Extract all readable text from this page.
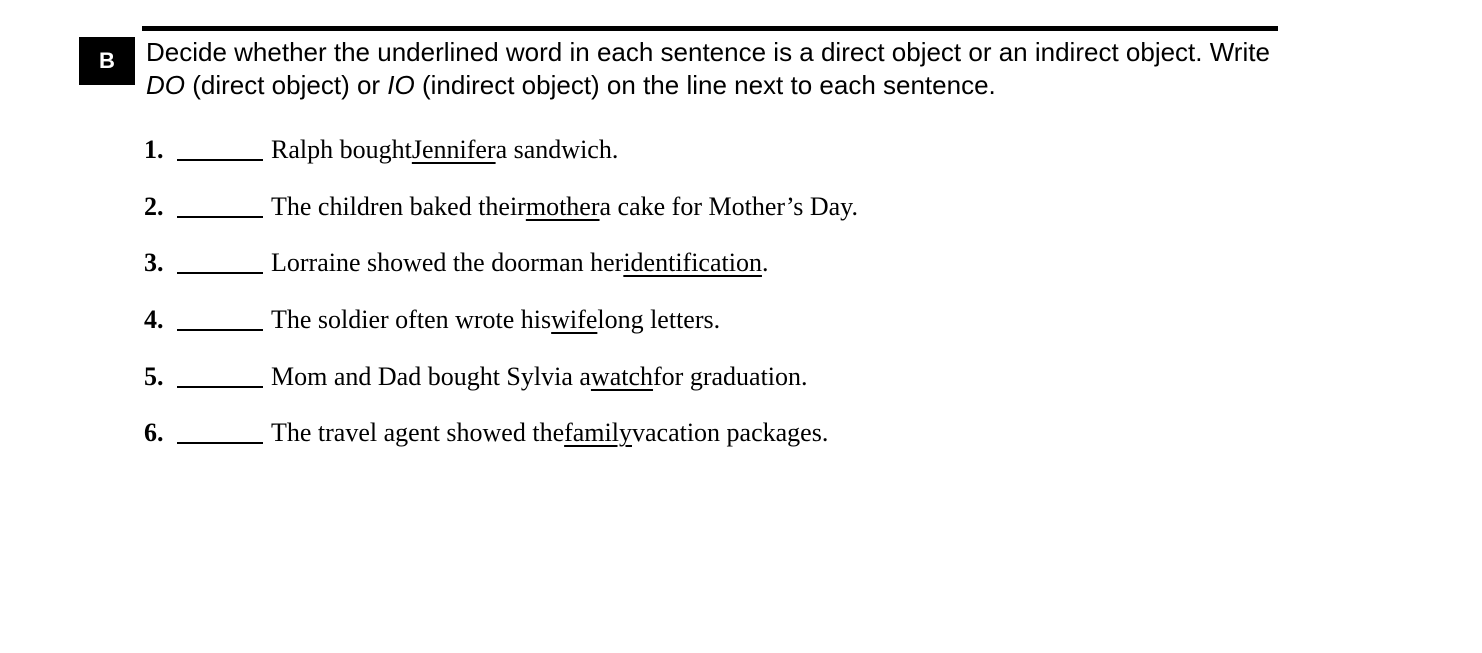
B Decide whether the underlined word in each sentence is a direct object or an indirect object. Write DO (direct object) or IO (indirect object) on the line next to each sentence.
1.	Ralph bought Jennifer a sandwich.
2.	The children baked their mother a cake for Mother’s Day.
3.	Lorraine showed the doorman her identification .
4.	The soldier often wrote his wife long letters.
5.	Mom and Dad bought Sylvia a watch for graduation.
6.	The travel agent showed the family vacation packages.
